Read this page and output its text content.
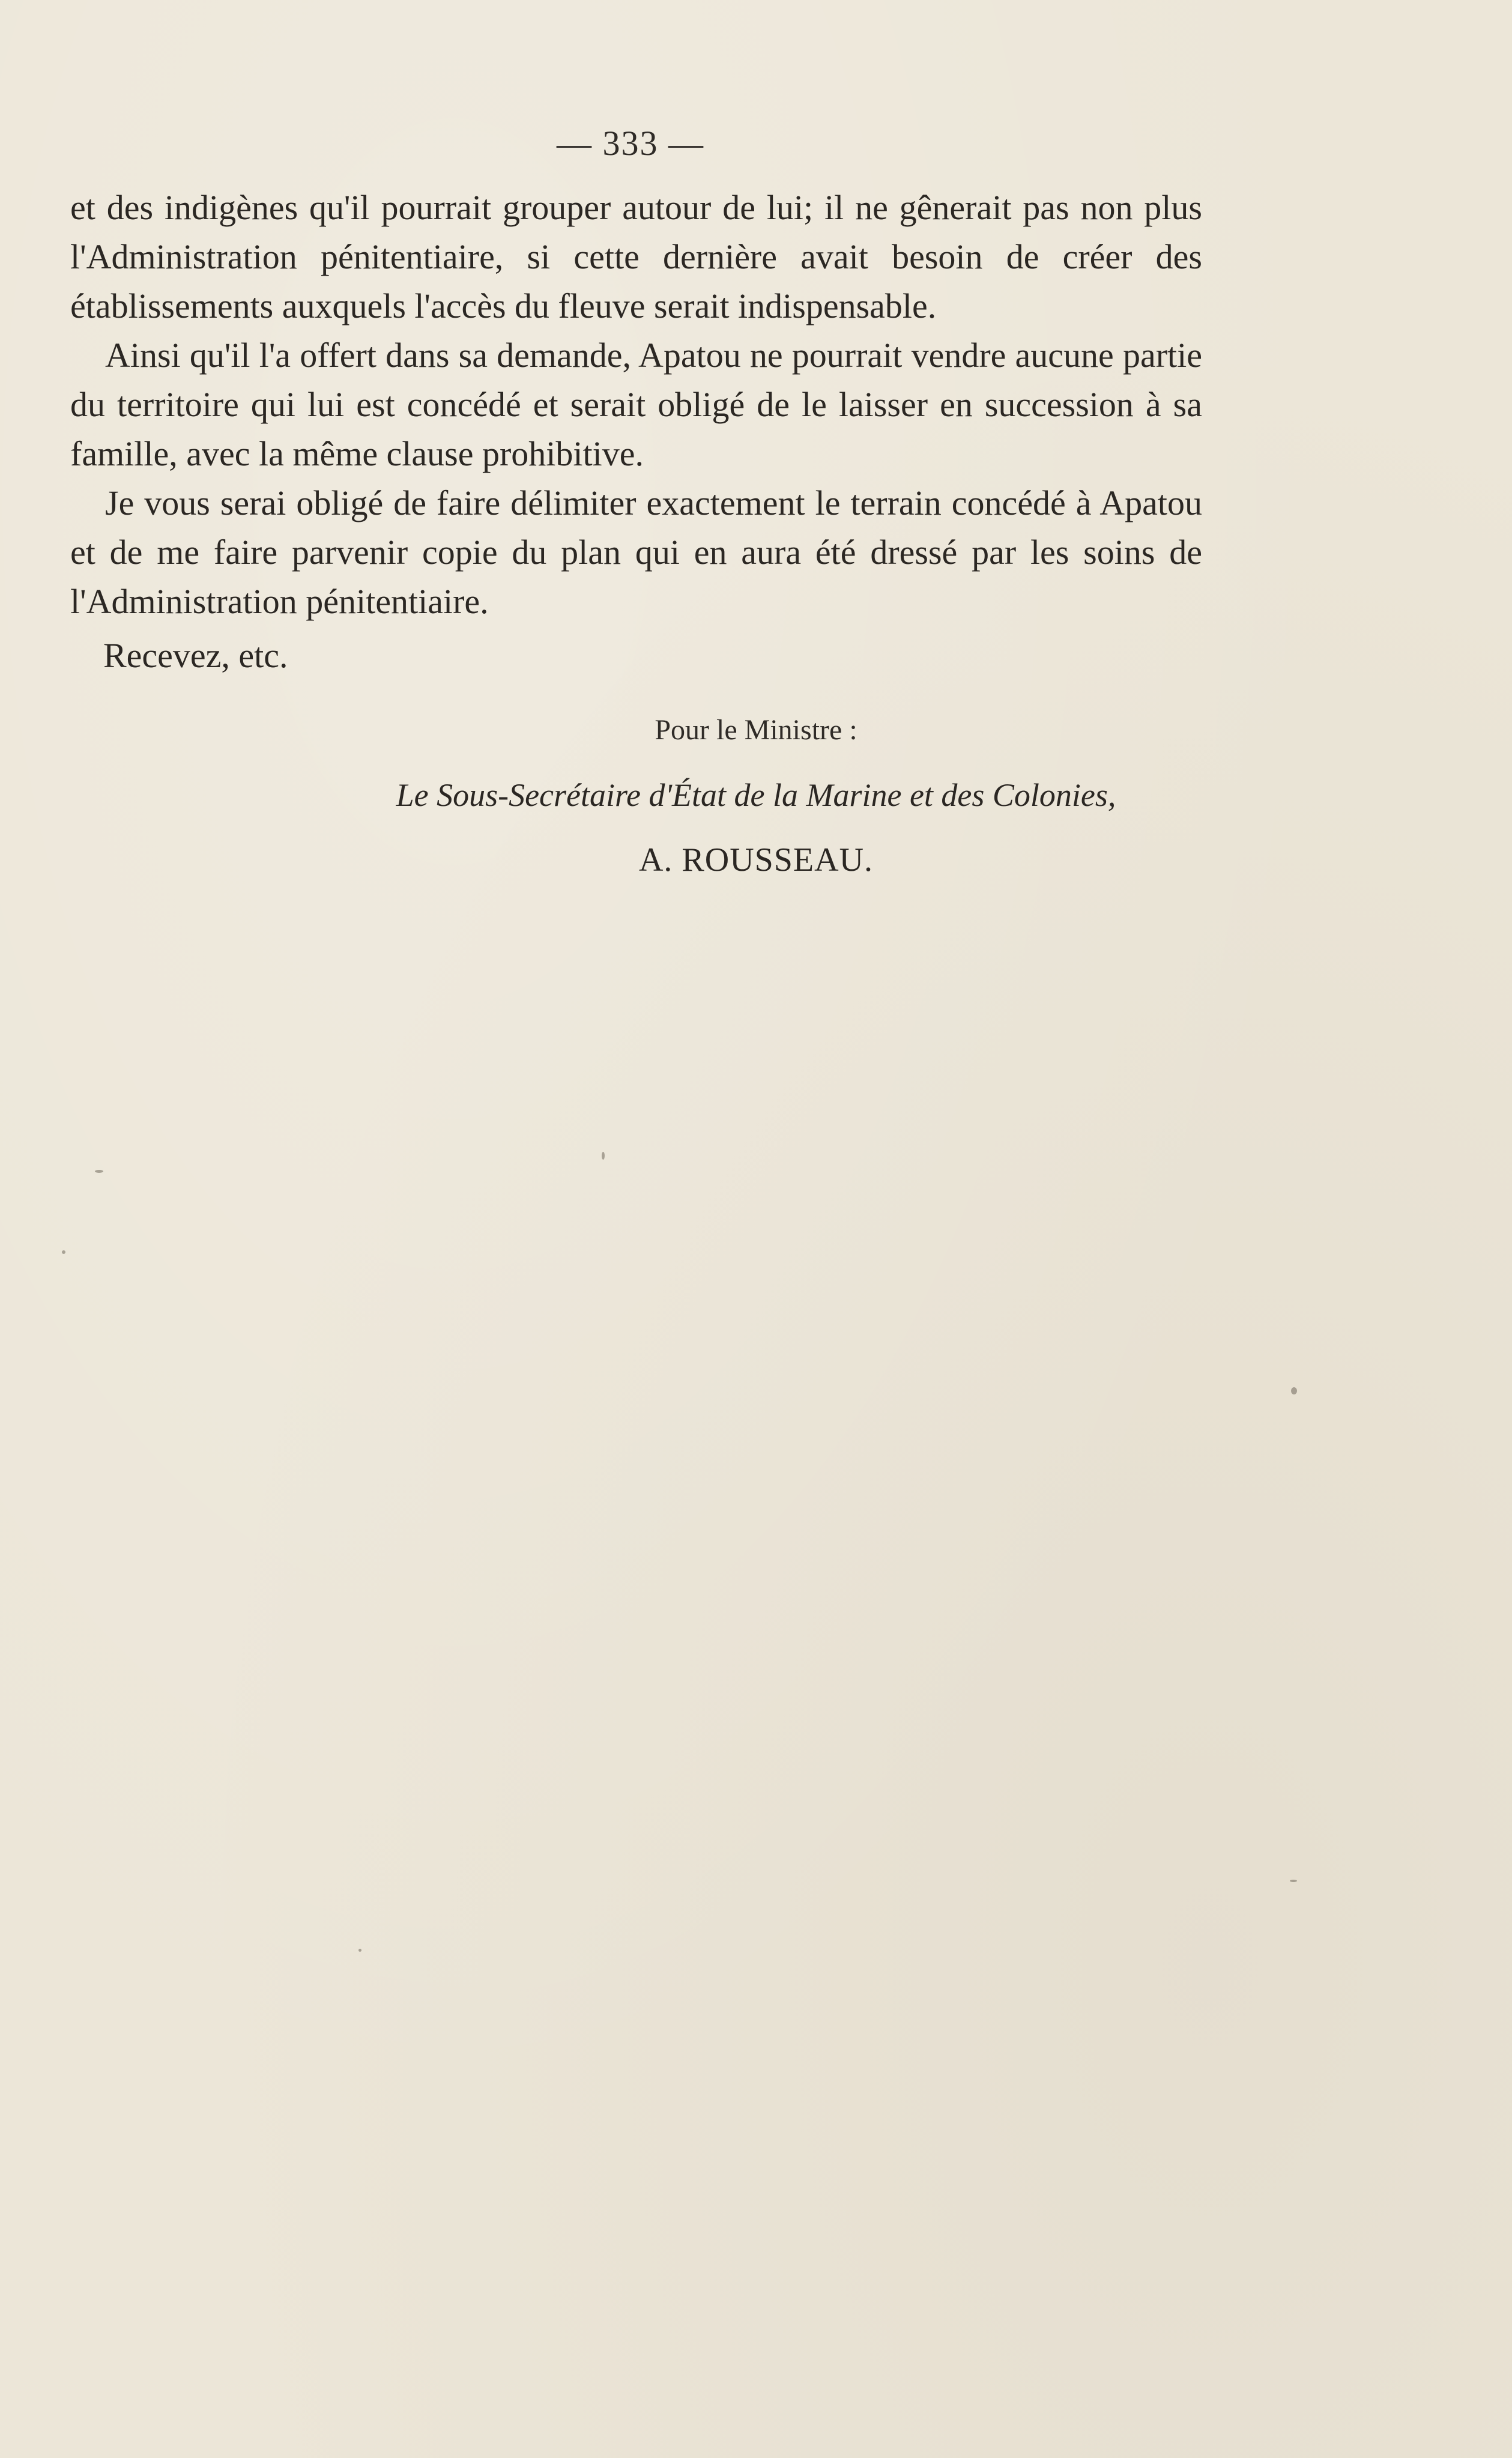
— 333 —

et des indigènes qu'il pourrait grouper autour de lui; il ne gênerait pas non plus l'Administration pénitentiaire, si cette dernière avait besoin de créer des établissements auxquels l'accès du fleuve serait indispensable.

Ainsi qu'il l'a offert dans sa demande, Apatou ne pourrait vendre aucune partie du territoire qui lui est concédé et serait obligé de le laisser en succession à sa famille, avec la même clause prohibitive.

Je vous serai obligé de faire délimiter exactement le terrain concédé à Apatou et de me faire parvenir copie du plan qui en aura été dressé par les soins de l'Administration pénitentiaire.

Recevez, etc.
Pour le Ministre :
Le Sous-Secrétaire d'État de la Marine et des Colonies,
A. ROUSSEAU.
